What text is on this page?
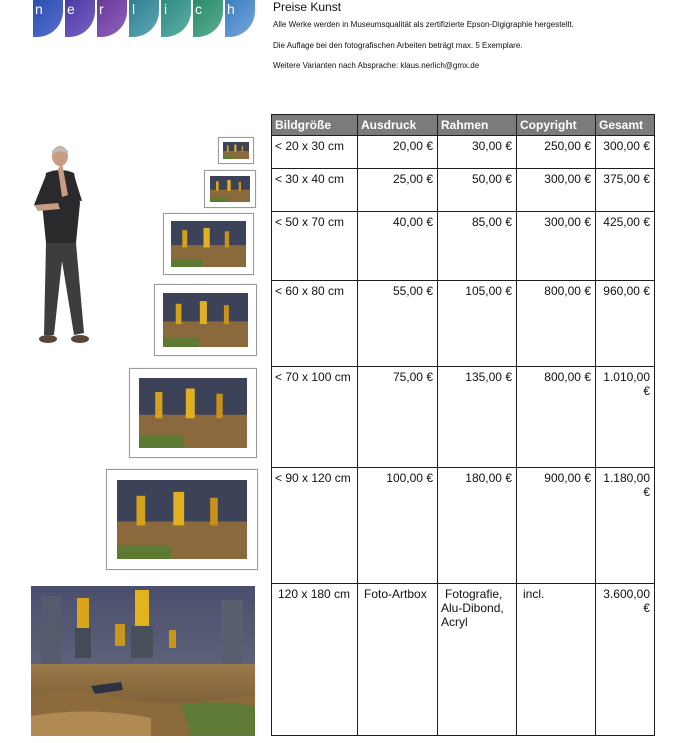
n e r l i c h	Preise Kunst
Alle Werke werden in Museumsqualität als zertifizierte Epson-Digigraphie hergestellt.
Die Auflage bei den fotografischen Arbeiten beträgt max. 5 Exemplare.
Weitere Varianten nach Absprache: klaus.nerlich@gmx.de
Bildgröße	Ausdruck	Rahmen	Copyright	Gesamt
< 20 x 30 cm	20,00 €	30,00 €	250,00 €	300,00 €
< 30 x 40 cm	25,00 €	50,00 €	300,00 €	375,00 €
< 50 x 70 cm	40,00 €	85,00 €	300,00 €	425,00 €
< 60 x 80 cm	55,00 €	105,00 €	800,00 €	960,00 €
< 70 x 100 cm	75,00 €	135,00 €	800,00 €	1.010,00 €
< 90 x 120 cm	100,00 €	180,00 €	900,00 €	1.180,00 €
120 x 180 cm	Foto-Artbox	Fotografie,
Alu-Dibond,
Acryl	incl.	3.600,00 €
